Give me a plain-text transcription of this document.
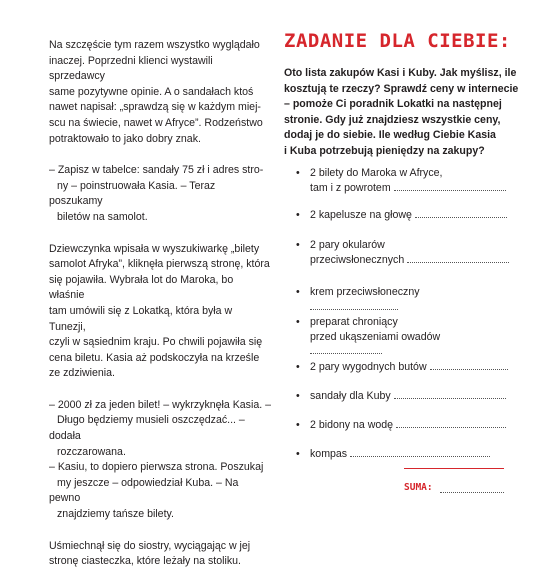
Na szczęście tym razem wszystko wyglądało
inaczej. Poprzedni klienci wystawili sprzedawcy
same pozytywne opinie. A o sandałach ktoś
nawet napisał: „sprawdzą się w każdym miej-
scu na świecie, nawet w Afryce”. Rodzeństwo
potraktowało to jako dobry znak.

– Zapisz w tabelce: sandały 75 zł i adres stro-
ny – poinstruowała Kasia. – Teraz poszukamy
biletów na samolot.

Dziewczynka wpisała w wyszukiwarkę „bilety
samolot Afryka”, kliknęła pierwszą stronę, która
się pojawiła. Wybrała lot do Maroka, bo właśnie
tam umówili się z Lokatką, która była w Tunezji,
czyli w sąsiednim kraju. Po chwili pojawiła się
cena biletu. Kasia aż podskoczyła na krześle
ze zdziwienia.

– 2000 zł za jeden bilet! – wykrzyknęła Kasia. –
Długo będziemy musieli oszczędzać... – dodała
rozczarowana.
– Kasiu, to dopiero pierwsza strona. Poszukaj
my jeszcze – odpowiedział Kuba. – Na pewno
znajdziemy tańsze bilety.

Uśmiechnął się do siostry, wyciągając w jej
stronę ciasteczka, które leżały na stoliku.

ZADANIE DLA CIEBIE:
Oto lista zakupów Kasi i Kuby. Jak myślisz, ile
kosztują te rzeczy? Sprawdź ceny w internecie
– pomoże Ci poradnik Lokatki na następnej
stronie. Gdy już znajdziesz wszystkie ceny,
dodaj je do siebie. Ile według Ciebie Kasia
i Kuba potrzebują pieniędzy na zakupy?
• 2 bilety do Maroka w Afryce,
tam i z powrotem
• 2 kapelusze na głowę
• 2 pary okularów
przeciwsłonecznych
• krem przeciwsłoneczny
• preparat chroniący
przed ukąszeniami owadów
• 2 pary wygodnych butów
• sandały dla Kuby
• 2 bidony na wodę
• kompas
SUMA:
